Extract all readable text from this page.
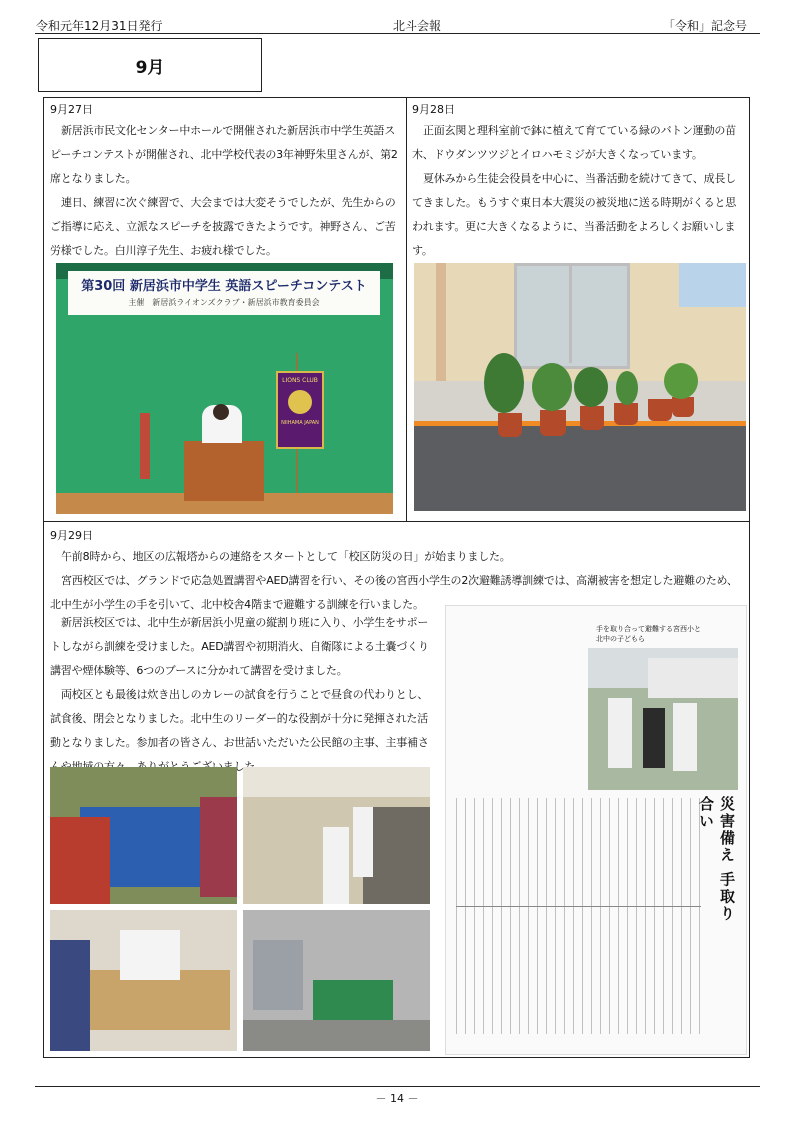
令和元年12月31日発行	北斗会報	「令和」記念号
9月
9月27日

新居浜市民文化センター中ホールで開催された新居浜市中学生英語スピーチコンテストが開催され、北中学校代表の3年神野朱里さんが、第2席となりました。

連日、練習に次ぐ練習で、大会までは大変そうでしたが、先生からのご指導に応え、立派なスピーチを披露できたようです。神野さん、ご苦労様でした。白川淳子先生、お疲れ様でした。

第30回 新居浜市中学生 英語スピーチコンテスト
主催　新居浜ライオンズクラブ・新居浜市教育委員会
LIONS CLUB
NIIHAMA JAPAN
9月28日

正面玄関と理科室前で鉢に植えて育てている緑のバトン運動の苗木、ドウダンツツジとイロハモミジが大きくなっています。

夏休みから生徒会役員を中心に、当番活動を続けてきて、成長してきました。もうすぐ東日本大震災の被災地に送る時期がくると思われます。更に大きくなるように、当番活動をよろしくお願いします。

9月29日

午前8時から、地区の広報塔からの連絡をスタートとして「校区防災の日」が始まりました。

宮西校区では、グランドで応急処置講習やAED講習を行い、その後の宮西小学生の2次避難誘導訓練では、高潮被害を想定した避難のため、北中生が小学生の手を引いて、北中校舎4階まで避難する訓練を行いました。

新居浜校区では、北中生が新居浜小児童の縦割り班に入り、小学生をサポートしながら訓練を受けました。AED講習や初期消火、自衛隊による土嚢づくり講習や煙体験等、6つのブースに分かれて講習を受けました。

両校区とも最後は炊き出しのカレーの試食を行うことで昼食の代わりとし、試食後、閉会となりました。北中生のリーダー的な役割が十分に発揮された活動となりました。参加者の皆さん、お世話いただいた公民館の主事、主事補さ し

手を取り合って避難する宮西小と
北中の子どもら
災害備え 手取り合い
－ 14 －
